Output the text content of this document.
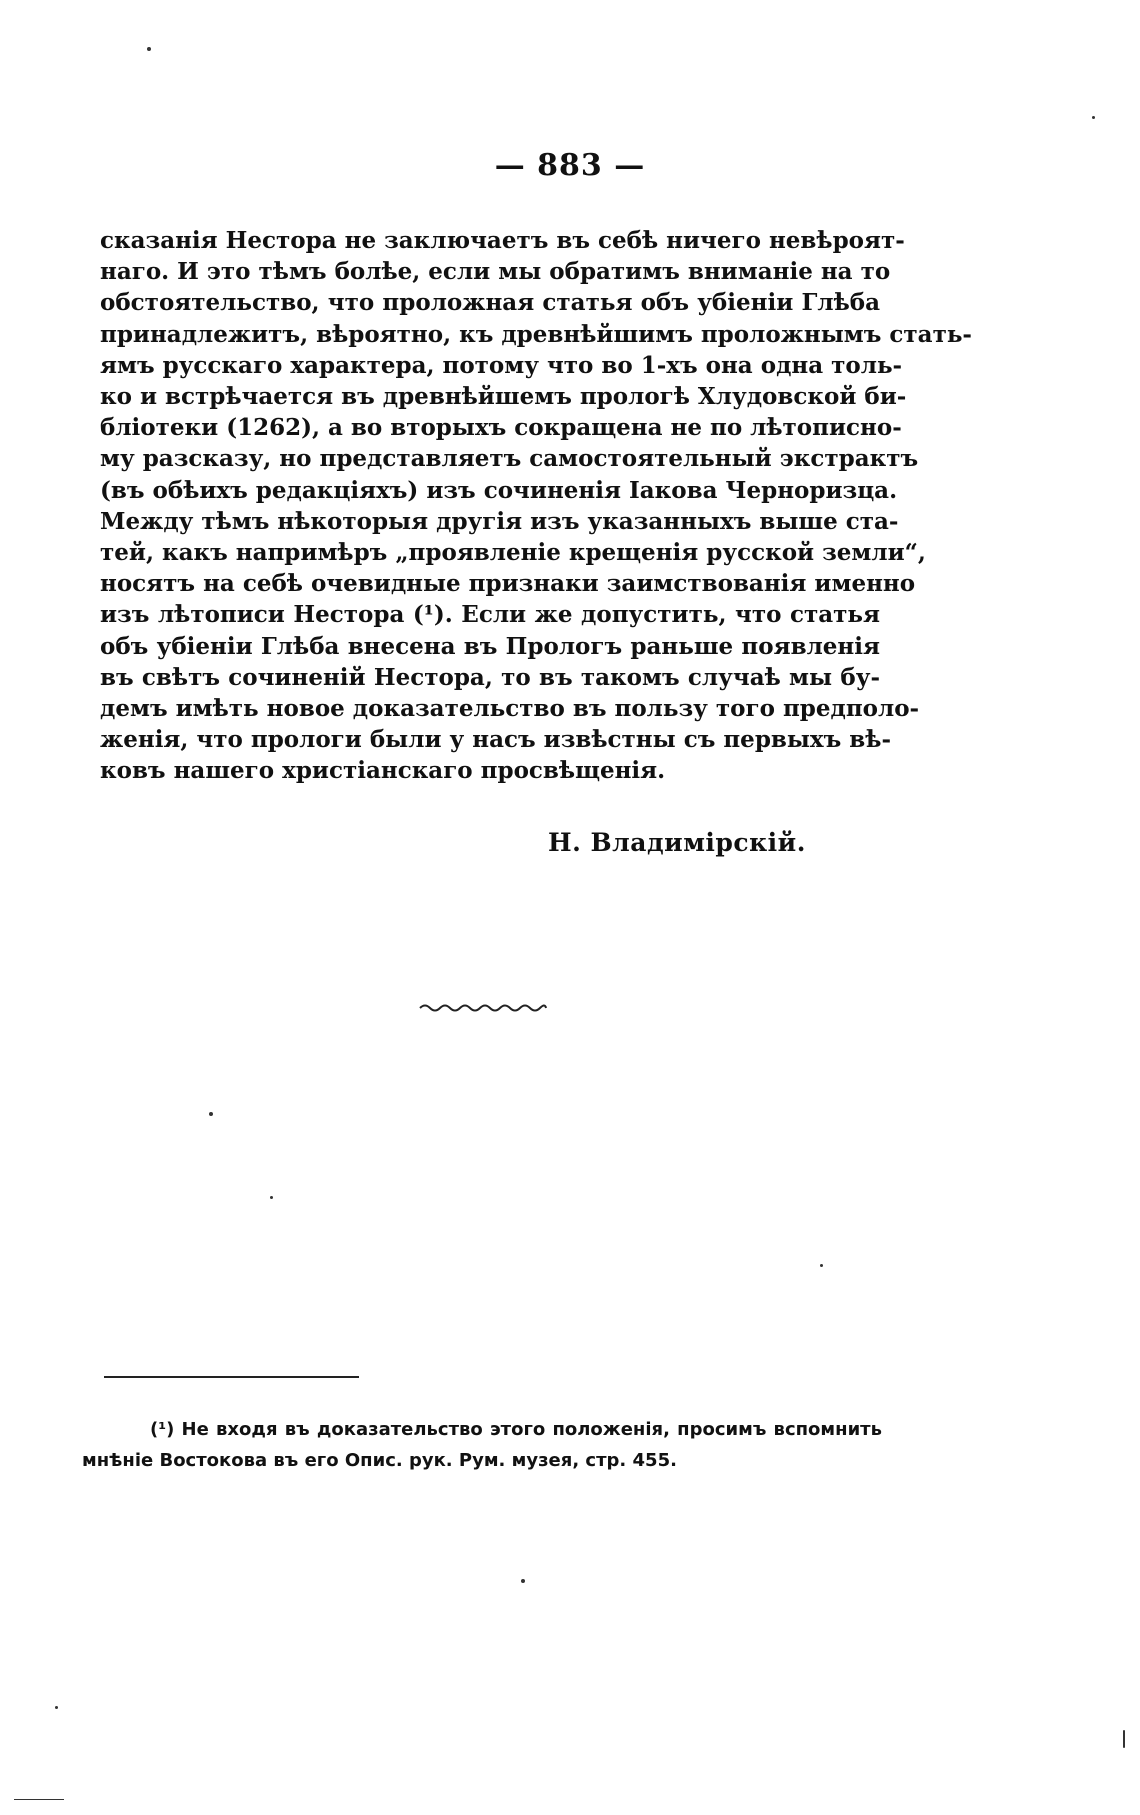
— 883 —
сказанія Нестора не заключаетъ въ себѣ ничего невѣроят-
наго. И это тѣмъ болѣе, если мы обратимъ вниманіе на то
обстоятельство, что проложная статья объ убіеніи Глѣба
принадлежитъ, вѣроятно, къ древнѣйшимъ проложнымъ стать-
ямъ русскаго характера, потому что во 1-хъ она одна толь-
ко и встрѣчается въ древнѣйшемъ прологѣ Хлудовской би-
бліотеки (1262), а во вторыхъ сокращена не по лѣтописно-
му разсказу, но представляетъ самостоятельный экстрактъ
(въ обѣихъ редакціяхъ) изъ сочиненія Іакова Черноризца.
Между тѣмъ нѣкоторыя другія изъ указанныхъ выше ста-
тей, какъ напримѣръ „проявленіе крещенія русской земли“,
носятъ на себѣ очевидные признаки заимствованія именно
изъ лѣтописи Нестора (¹). Если же допустить, что статья
объ убіеніи Глѣба внесена въ Прологъ раньше появленія
въ свѣтъ сочиненій Нестора, то въ такомъ случаѣ мы бу-
демъ имѣть новое доказательство въ пользу того предполо-
женія, что прологи были у насъ извѣстны съ первыхъ вѣ-
ковъ нашего христіанскаго просвѣщенія.
Н. Владимірскій.
(¹) Не входя въ доказательство этого положенія, просимъ вспомнить
мнѣніе Востокова въ его Опис. рук. Рум. музея, стр. 455.
